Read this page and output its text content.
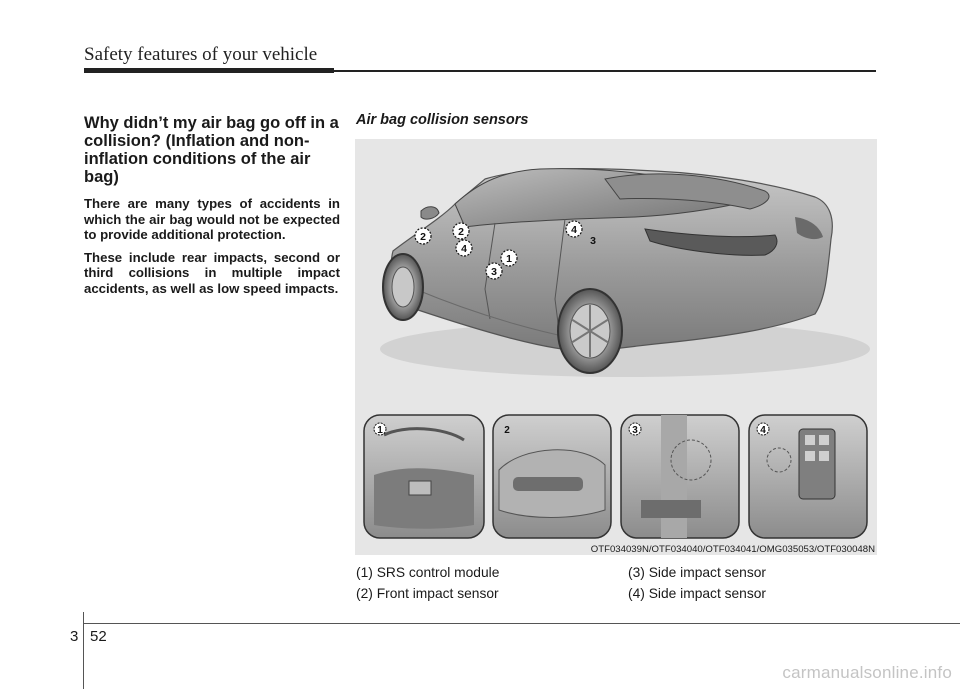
Safety features of your vehicle
Why didn’t my air bag go off in a collision? (Inflation and non-inflation conditions of the air bag)

There are many types of accidents in which the air bag would not be expected to provide additional protection.

These include rear impacts, second or third collisions in multiple impact accidents, as well as low speed impacts.

Air bag collision sensors
2	2
4
3
1
4
3
1	2	3	4
OTF034039N/OTF034040/OTF034041/OMG035053/OTF030048N
(1) SRS control module	(3) Side impact sensor
(2) Front impact sensor	(4) Side impact sensor
3 52
carmanualsonline.info
